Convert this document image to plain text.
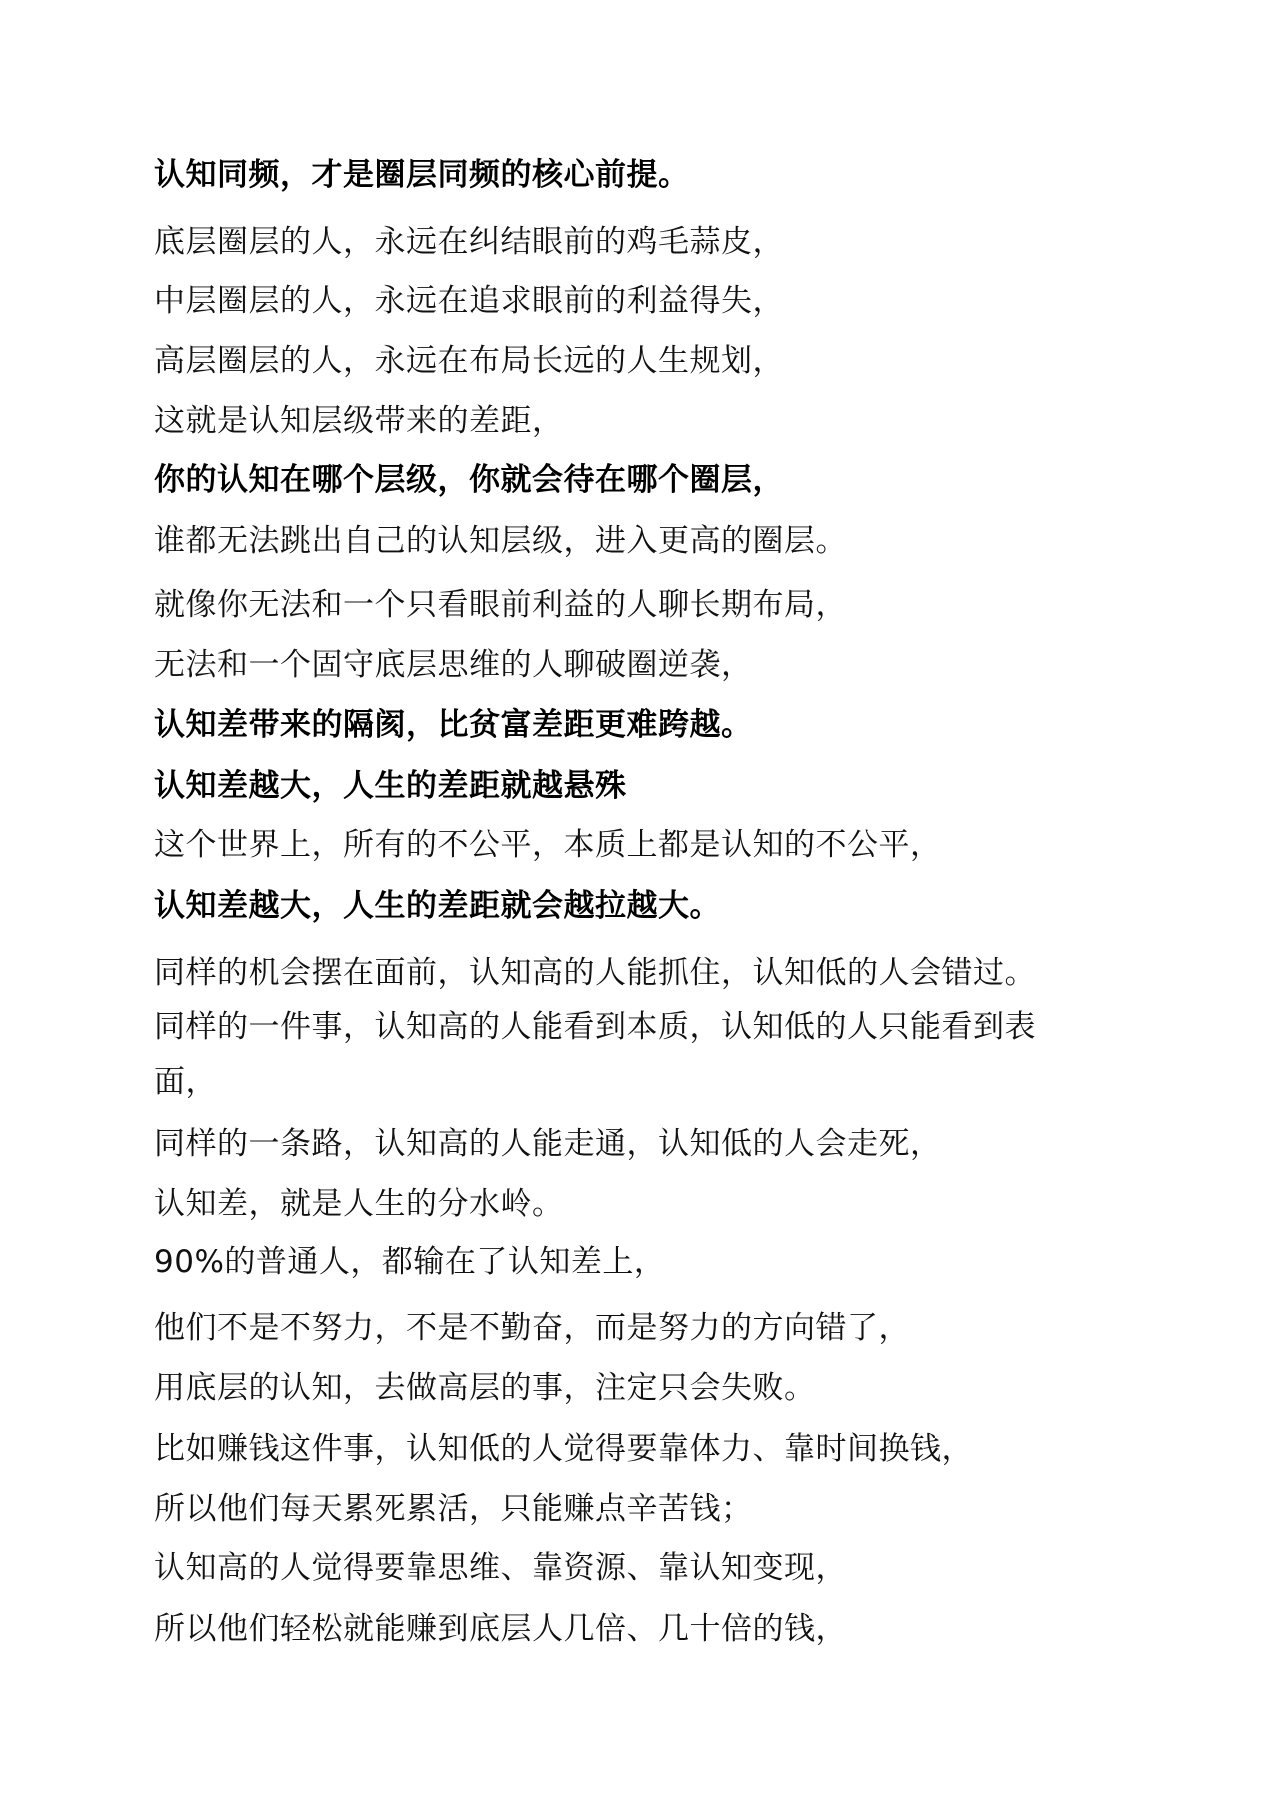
认知同频，才是圈层同频的核心前提。

底层圈层的人，永远在纠结眼前的鸡毛蒜皮，

中层圈层的人，永远在追求眼前的利益得失，

高层圈层的人，永远在布局长远的人生规划，

这就是认知层级带来的差距，

你的认知在哪个层级，你就会待在哪个圈层，

谁都无法跳出自己的认知层级，进入更高的圈层。

就像你无法和一个只看眼前利益的人聊长期布局，

无法和一个固守底层思维的人聊破圈逆袭，

认知差带来的隔阂，比贫富差距更难跨越。

认知差越大，人生的差距就越悬殊

这个世界上，所有的不公平，本质上都是认知的不公平，

认知差越大，人生的差距就会越拉越大。

同样的机会摆在面前，认知高的人能抓住，认知低的人会错过。

同样的一件事，认知高的人能看到本质，认知低的人只能看到表

面，

同样的一条路，认知高的人能走通，认知低的人会走死，

认知差，就是人生的分水岭。

90%的普通人，都输在了认知差上，

他们不是不努力，不是不勤奋，而是努力的方向错了，

用底层的认知，去做高层的事，注定只会失败。

比如赚钱这件事，认知低的人觉得要靠体力、靠时间换钱，

所以他们每天累死累活，只能赚点辛苦钱；

认知高的人觉得要靠思维、靠资源、靠认知变现，

所以他们轻松就能赚到底层人几倍、几十倍的钱，
